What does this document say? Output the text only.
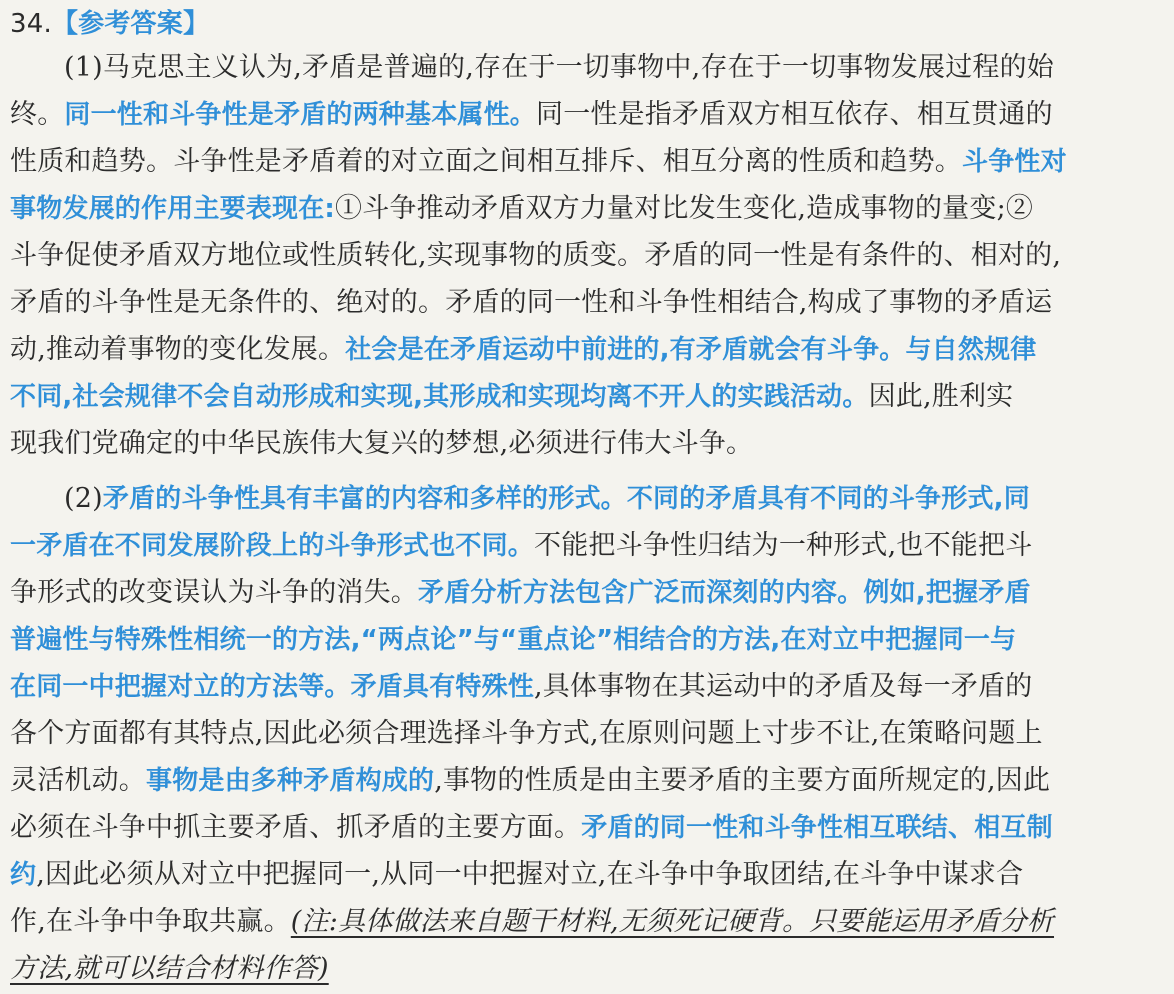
34.【参考答案】
(1)马克思主义认为,矛盾是普遍的,存在于一切事物中,存在于一切事物发展过程的始
终。同一性和斗争性是矛盾的两种基本属性。同一性是指矛盾双方相互依存、相互贯通的
性质和趋势。斗争性是矛盾着的对立面之间相互排斥、相互分离的性质和趋势。斗争性对
事物发展的作用主要表现在:①斗争推动矛盾双方力量对比发生变化,造成事物的量变;②
斗争促使矛盾双方地位或性质转化,实现事物的质变。矛盾的同一性是有条件的、相对的,
矛盾的斗争性是无条件的、绝对的。矛盾的同一性和斗争性相结合,构成了事物的矛盾运
动,推动着事物的变化发展。社会是在矛盾运动中前进的,有矛盾就会有斗争。与自然规律
不同,社会规律不会自动形成和实现,其形成和实现均离不开人的实践活动。因此,胜利实
现我们党确定的中华民族伟大复兴的梦想,必须进行伟大斗争。
(2)矛盾的斗争性具有丰富的内容和多样的形式。不同的矛盾具有不同的斗争形式,同
一矛盾在不同发展阶段上的斗争形式也不同。不能把斗争性归结为一种形式,也不能把斗
争形式的改变误认为斗争的消失。矛盾分析方法包含广泛而深刻的内容。例如,把握矛盾
普遍性与特殊性相统一的方法,“两点论”与“重点论”相结合的方法,在对立中把握同一与
在同一中把握对立的方法等。矛盾具有特殊性,具体事物在其运动中的矛盾及每一矛盾的
各个方面都有其特点,因此必须合理选择斗争方式,在原则问题上寸步不让,在策略问题上
灵活机动。事物是由多种矛盾构成的,事物的性质是由主要矛盾的主要方面所规定的,因此
必须在斗争中抓主要矛盾、抓矛盾的主要方面。矛盾的同一性和斗争性相互联结、相互制
约,因此必须从对立中把握同一,从同一中把握对立,在斗争中争取团结,在斗争中谋求合
作,在斗争中争取共赢。(注:具体做法来自题干材料,无须死记硬背。只要能运用矛盾分析
方法,就可以结合材料作答)
